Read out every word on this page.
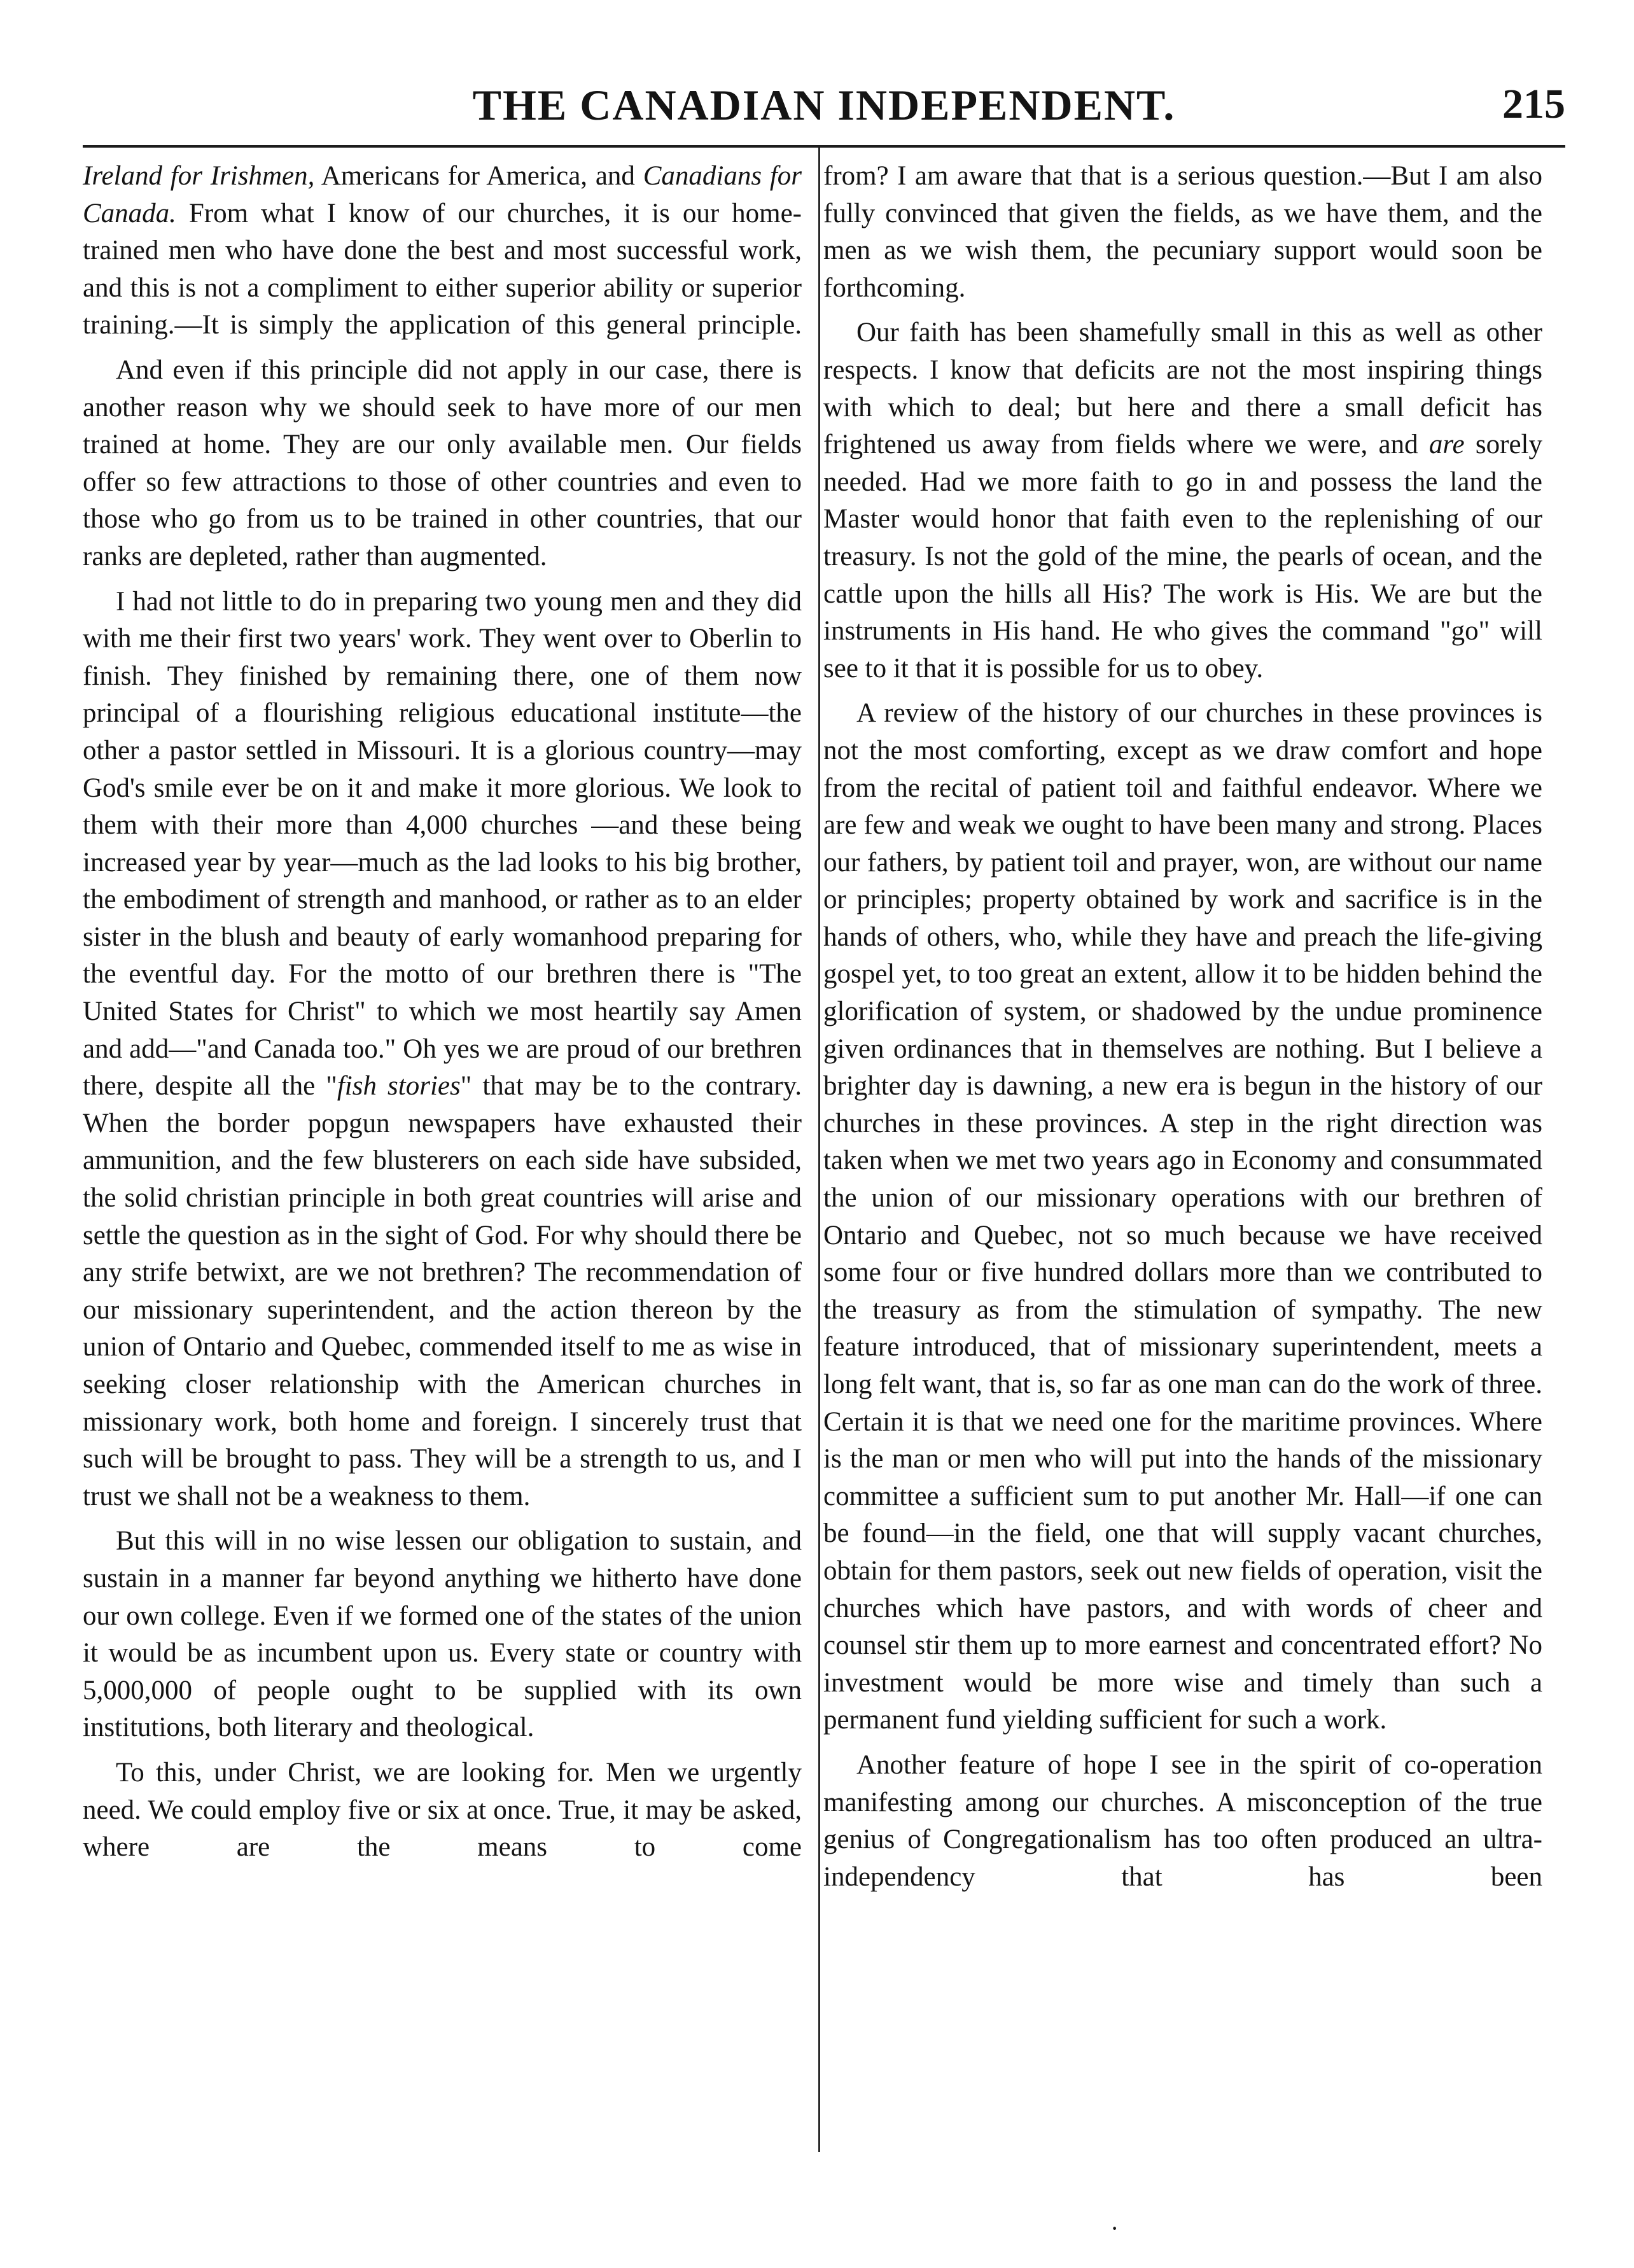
THE CANADIAN INDEPENDENT.	215

Ireland for Irishmen, Americans for America, and Canadians for Canada. From what I know of our churches, it is our home-trained men who have done the best and most successful work, and this is not a compliment to either superior ability or superior training.—It is simply the application of this general principle.

And even if this principle did not apply in our case, there is another reason why we should seek to have more of our men trained at home. They are our only available men. Our fields offer so few attractions to those of other countries and even to those who go from us to be trained in other countries, that our ranks are depleted, rather than augmented.

I had not little to do in preparing two young men and they did with me their first two years' work. They went over to Oberlin to finish. They finished by remaining there, one of them now principal of a flourishing religious educational institute—the other a pastor settled in Missouri. It is a glorious country—may God's smile ever be on it and make it more glorious. We look to them with their more than 4,000 churches —and these being increased year by year—much as the lad looks to his big brother, the embodiment of strength and manhood, or rather as to an elder sister in the blush and beauty of early womanhood preparing for the eventful day. For the motto of our brethren there is "The United States for Christ" to which we most heartily say Amen and add—"and Canada too." Oh yes we are proud of our brethren there, despite all the "fish stories" that may be to the contrary. When the border popgun newspapers have exhausted their ammunition, and the few blusterers on each side have subsided, the solid christian principle in both great countries will arise and settle the question as in the sight of God. For why should there be any strife betwixt, are we not brethren? The recommendation of our missionary superintendent, and the action thereon by the union of Ontario and Quebec, commended itself to me as wise in seeking closer relationship with the American churches in missionary work, both home and foreign. I sincerely trust that such will be brought to pass. They will be a strength to us, and I trust we shall not be a weakness to them.

But this will in no wise lessen our obligation to sustain, and sustain in a manner far beyond anything we hitherto have done our own college. Even if we formed one of the states of the union it would be as incumbent upon us. Every state or country with 5,000,000 of people ought to be supplied with its own institutions, both literary and theological.

To this, under Christ, we are looking for. Men we urgently need. We could employ five or six at once. True, it may be asked, where are the means to come

from? I am aware that that is a serious question.—But I am also fully convinced that given the fields, as we have them, and the men as we wish them, the pecuniary support would soon be forthcoming.

Our faith has been shamefully small in this as well as other respects. I know that deficits are not the most inspiring things with which to deal; but here and there a small deficit has frightened us away from fields where we were, and are sorely needed. Had we more faith to go in and possess the land the Master would honor that faith even to the replenishing of our treasury. Is not the gold of the mine, the pearls of ocean, and the cattle upon the hills all His? The work is His. We are but the instruments in His hand. He who gives the command "go" will see to it that it is possible for us to obey.

A review of the history of our churches in these provinces is not the most comforting, except as we draw comfort and hope from the recital of patient toil and faithful endeavor. Where we are few and weak we ought to have been many and strong. Places our fathers, by patient toil and prayer, won, are without our name or principles; property obtained by work and sacrifice is in the hands of others, who, while they have and preach the life-giving gospel yet, to too great an extent, allow it to be hidden behind the glorification of system, or shadowed by the undue prominence given ordinances that in themselves are nothing. But I believe a brighter day is dawning, a new era is begun in the history of our churches in these provinces. A step in the right direction was taken when we met two years ago in Economy and consummated the union of our missionary operations with our brethren of Ontario and Quebec, not so much because we have received some four or five hundred dollars more than we contributed to the treasury as from the stimulation of sympathy. The new feature introduced, that of missionary superintendent, meets a long felt want, that is, so far as one man can do the work of three. Certain it is that we need one for the maritime provinces. Where is the man or men who will put into the hands of the missionary committee a sufficient sum to put another Mr. Hall—if one can be found—in the field, one that will supply vacant churches, obtain for them pastors, seek out new fields of operation, visit the churches which have pastors, and with words of cheer and counsel stir them up to more earnest and concentrated effort? No investment would be more wise and timely than such a permanent fund yielding sufficient for such a work.

Another feature of hope I see in the spirit of co-operation manifesting among our churches. A misconception of the true genius of Congregationalism has too often produced an ultra-independency that has been

·
